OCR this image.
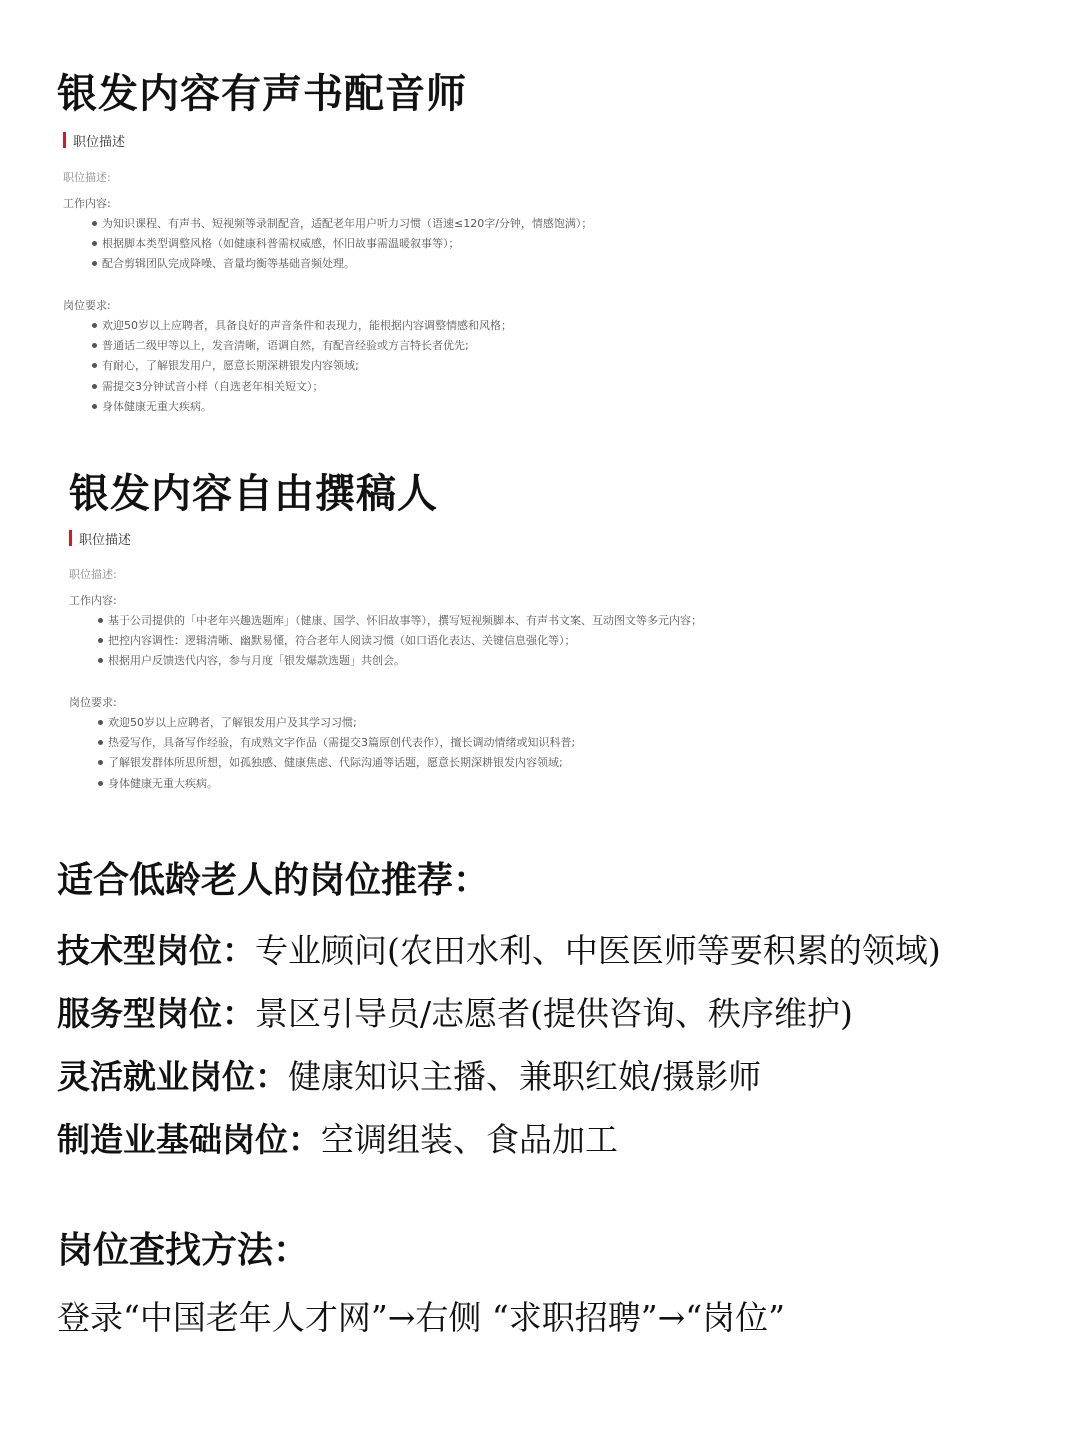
银发内容有声书配音师
职位描述
职位描述:
工作内容:
为知识课程、有声书、短视频等录制配音，适配老年用户听力习惯（语速≤120字/分钟，情感饱满）；
根据脚本类型调整风格（如健康科普需权威感，怀旧故事需温暖叙事等）；
配合剪辑团队完成降噪、音量均衡等基础音频处理。
岗位要求:
欢迎50岁以上应聘者，具备良好的声音条件和表现力，能根据内容调整情感和风格；
普通话二级甲等以上，发音清晰，语调自然，有配音经验或方言特长者优先;
有耐心，了解银发用户，愿意长期深耕银发内容领域;
需提交3分钟试音小样（自选老年相关短文）；
身体健康无重大疾病。
银发内容自由撰稿人
职位描述
职位描述:
工作内容:
基于公司提供的「中老年兴趣选题库」（健康、国学、怀旧故事等），撰写短视频脚本、有声书文案、互动图文等多元内容；
把控内容调性：逻辑清晰、幽默易懂，符合老年人阅读习惯（如口语化表达、关键信息强化等）；
根据用户反馈迭代内容，参与月度「银发爆款选题」共创会。
岗位要求:
欢迎50岁以上应聘者，了解银发用户及其学习习惯;
热爱写作，具备写作经验，有成熟文字作品（需提交3篇原创代表作），擅长调动情绪或知识科普;
了解银发群体所思所想，如孤独感、健康焦虑、代际沟通等话题，愿意长期深耕银发内容领域;
身体健康无重大疾病。
适合低龄老人的岗位推荐：
技术型岗位：专业顾问(农田水利、中医医师等要积累的领域)
服务型岗位：景区引导员/志愿者(提供咨询、秩序维护)
灵活就业岗位：健康知识主播、兼职红娘/摄影师
制造业基础岗位：空调组装、食品加工
岗位查找方法：
登录“中国老年人才网”→右侧 “求职招聘”→“岗位”
